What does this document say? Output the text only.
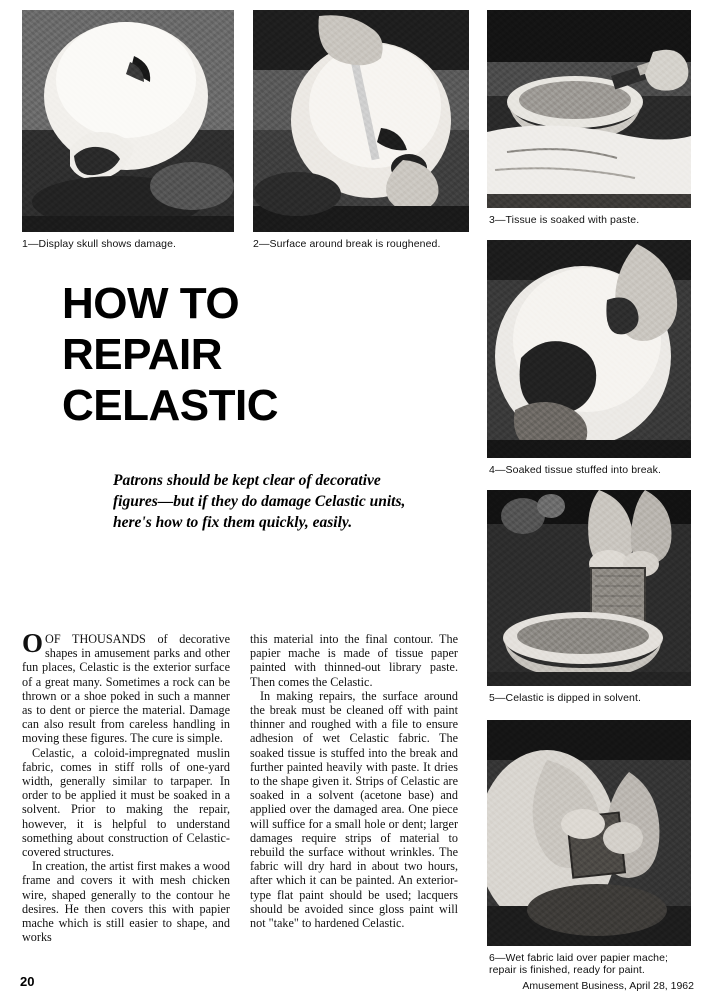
1—Display skull shows damage.	2—Surface around break is roughened.
3—Tissue is soaked with paste.
4—Soaked tissue stuffed into break.
5—Celastic is dipped in solvent.
6—Wet fabric laid over papier mache; repair is finished, ready for paint.
HOW TO
REPAIR
CELASTIC
Patrons should be kept clear of decorative figures—but if they do damage Celastic units, here's how to fix them quickly, easily.

OOF THOUSANDS of decorative shapes in amusement parks and other fun places, Celastic is the exterior surface of a great many. Sometimes a rock can be thrown or a shoe poked in such a manner as to dent or pierce the material. Damage can also result from careless handling in moving these figures. The cure is simple.

Celastic, a coloid-impregnated muslin fabric, comes in stiff rolls of one-yard width, generally similar to tarpaper. In order to be applied it must be soaked in a solvent. Prior to making the repair, however, it is helpful to understand something about construction of Celastic-covered structures.

In creation, the artist first makes a wood frame and covers it with mesh chicken wire, shaped generally to the contour he desires. He then covers this with papier mache which is still easier to shape, and works

this material into the final contour. The papier mache is made of tissue paper painted with thinned-out library paste. Then comes the Celastic.

In making repairs, the surface around the break must be cleaned off with paint thinner and roughed with a file to ensure adhesion of wet Celastic fabric. The soaked tissue is stuffed into the break and further painted heavily with paste. It dries to the shape given it. Strips of Celastic are soaked in a solvent (acetone base) and applied over the damaged area. One piece will suffice for a small hole or dent; larger damages require strips of material to rebuild the surface without wrinkles. The fabric will dry hard in about two hours, after which it can be painted. An exterior-type flat paint should be used; lacquers should be avoided since gloss paint will not "take" to hardened Celastic.

20	Amusement Business, April 28, 1962
